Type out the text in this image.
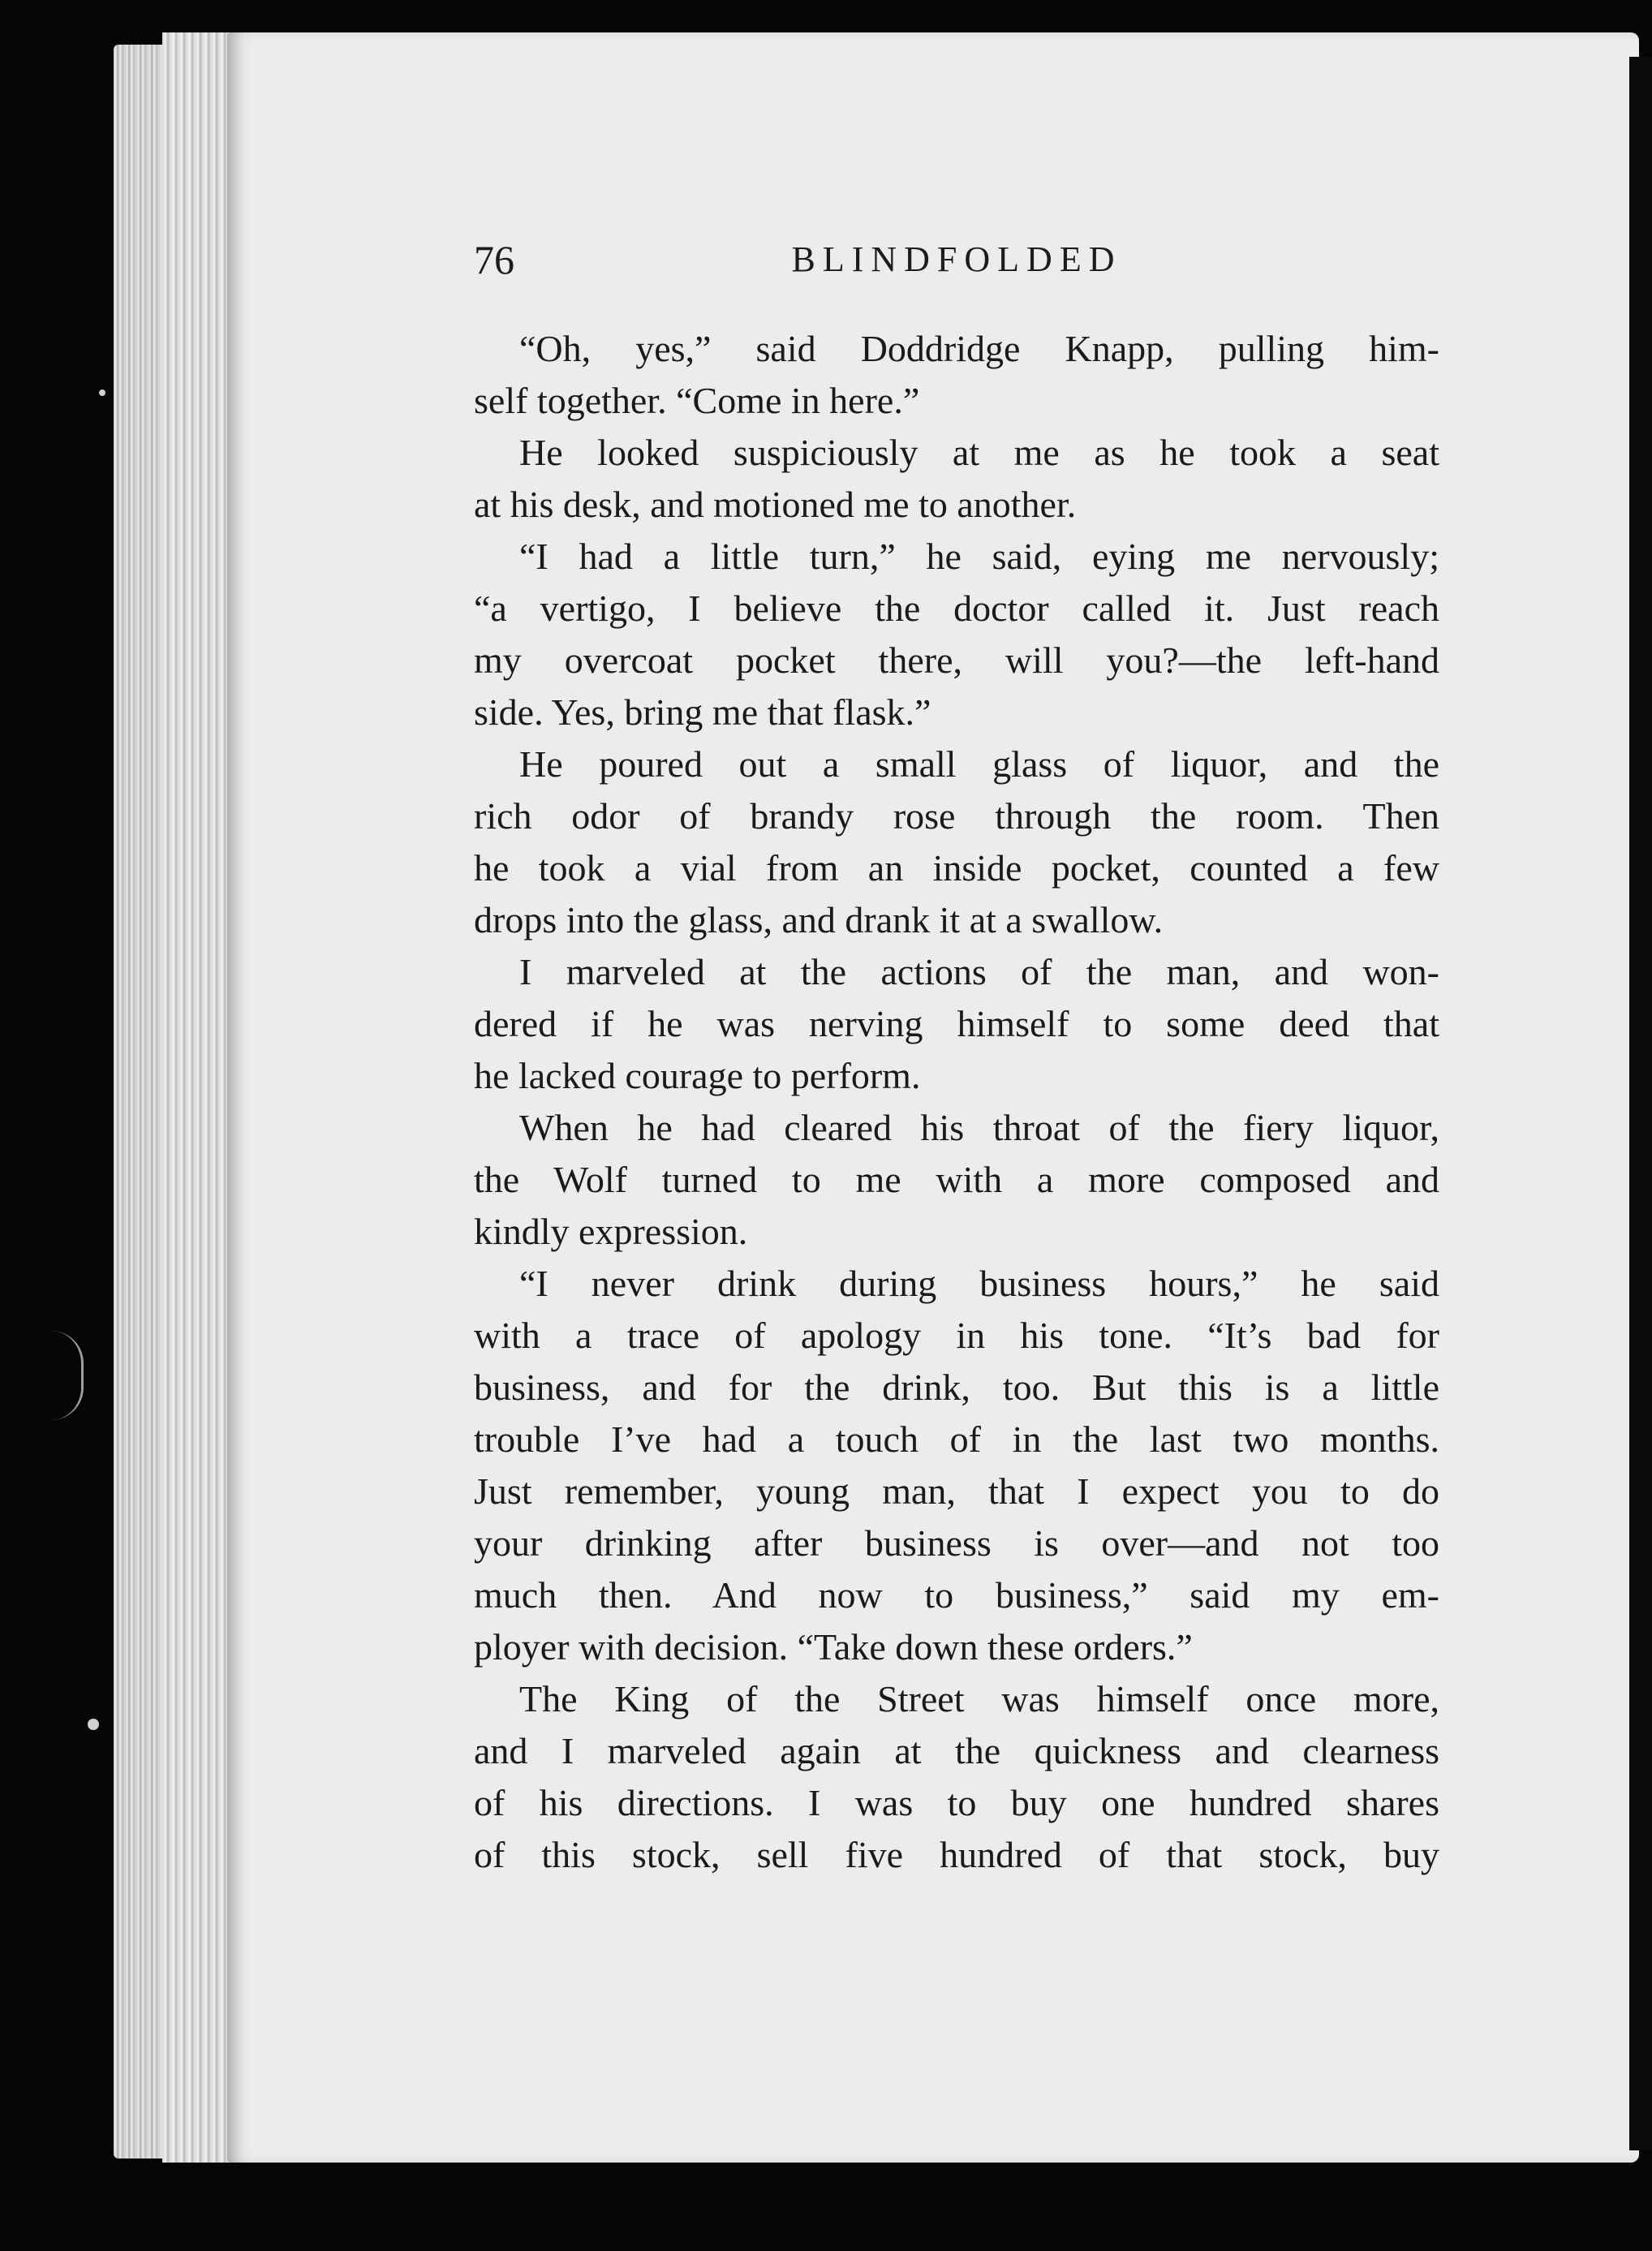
76	BLINDFOLDED
“Oh, yes,” said Doddridge Knapp, pulling him-
self together. “Come in here.”
He looked suspiciously at me as he took a seat
at his desk, and motioned me to another.
“I had a little turn,” he said, eying me nervously;
“a vertigo, I believe the doctor called it. Just reach
my overcoat pocket there, will you?—the left-hand
side. Yes, bring me that flask.”
He poured out a small glass of liquor, and the
rich odor of brandy rose through the room. Then
he took a vial from an inside pocket, counted a few
drops into the glass, and drank it at a swallow.
I marveled at the actions of the man, and won-
dered if he was nerving himself to some deed that
he lacked courage to perform.
When he had cleared his throat of the fiery liquor,
the Wolf turned to me with a more composed and
kindly expression.
“I never drink during business hours,” he said
with a trace of apology in his tone. “It’s bad for
business, and for the drink, too. But this is a little
trouble I’ve had a touch of in the last two months.
Just remember, young man, that I expect you to do
your drinking after business is over—and not too
much then. And now to business,” said my em-
ployer with decision. “Take down these orders.”
The King of the Street was himself once more,
and I marveled again at the quickness and clearness
of his directions. I was to buy one hundred shares
of this stock, sell five hundred of that stock, buy
